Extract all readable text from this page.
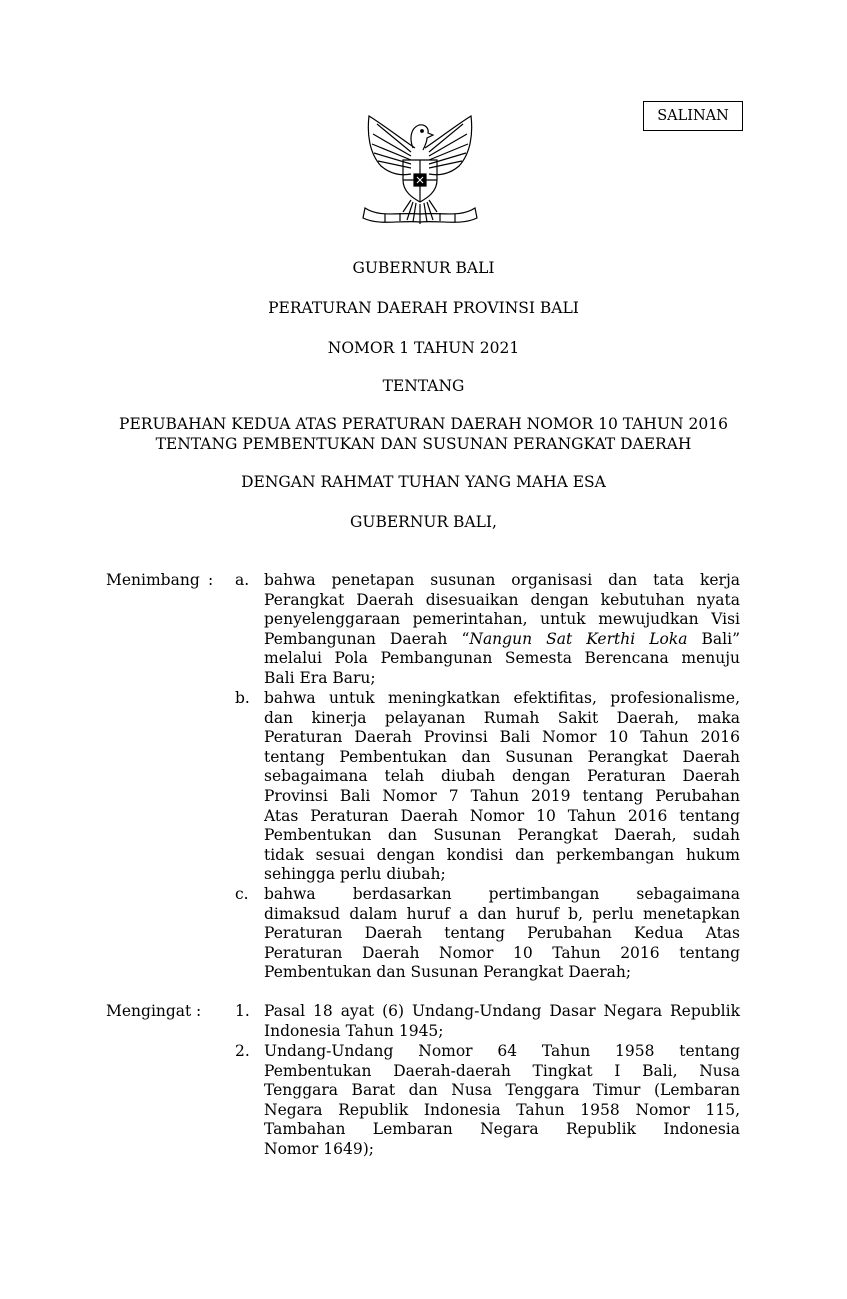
SALINAN
GUBERNUR BALI
PERATURAN DAERAH PROVINSI BALI
NOMOR 1 TAHUN 2021
TENTANG
PERUBAHAN KEDUA ATAS PERATURAN DAERAH NOMOR 10 TAHUN 2016
TENTANG PEMBENTUKAN DAN SUSUNAN PERANGKAT DAERAH
DENGAN RAHMAT TUHAN YANG MAHA ESA
GUBERNUR BALI,
Menimbang : a. bahwa penetapan susunan organisasi dan tata kerja
Perangkat Daerah disesuaikan dengan kebutuhan nyata
penyelenggaraan pemerintahan, untuk mewujudkan Visi
Pembangunan Daerah “Nangun Sat Kerthi Loka Bali”
melalui Pola Pembangunan Semesta Berencana menuju
Bali Era Baru;
b. bahwa untuk meningkatkan efektifitas, profesionalisme,
dan kinerja pelayanan Rumah Sakit Daerah, maka
Peraturan Daerah Provinsi Bali Nomor 10 Tahun 2016
tentang Pembentukan dan Susunan Perangkat Daerah
sebagaimana telah diubah dengan Peraturan Daerah
Provinsi Bali Nomor 7 Tahun 2019 tentang Perubahan
Atas Peraturan Daerah Nomor 10 Tahun 2016 tentang
Pembentukan dan Susunan Perangkat Daerah, sudah
tidak sesuai dengan kondisi dan perkembangan hukum
sehingga perlu diubah;
c. bahwa berdasarkan pertimbangan sebagaimana
dimaksud dalam huruf a dan huruf b, perlu menetapkan
Peraturan Daerah tentang Perubahan Kedua Atas
Peraturan Daerah Nomor 10 Tahun 2016 tentang
Pembentukan dan Susunan Perangkat Daerah;
Mengingat : 1. Pasal 18 ayat (6) Undang-Undang Dasar Negara Republik
Indonesia Tahun 1945;
2. Undang-Undang Nomor 64 Tahun 1958 tentang
Pembentukan Daerah-daerah Tingkat I Bali, Nusa
Tenggara Barat dan Nusa Tenggara Timur (Lembaran
Negara Republik Indonesia Tahun 1958 Nomor 115,
Tambahan Lembaran Negara Republik Indonesia
Nomor 1649);
